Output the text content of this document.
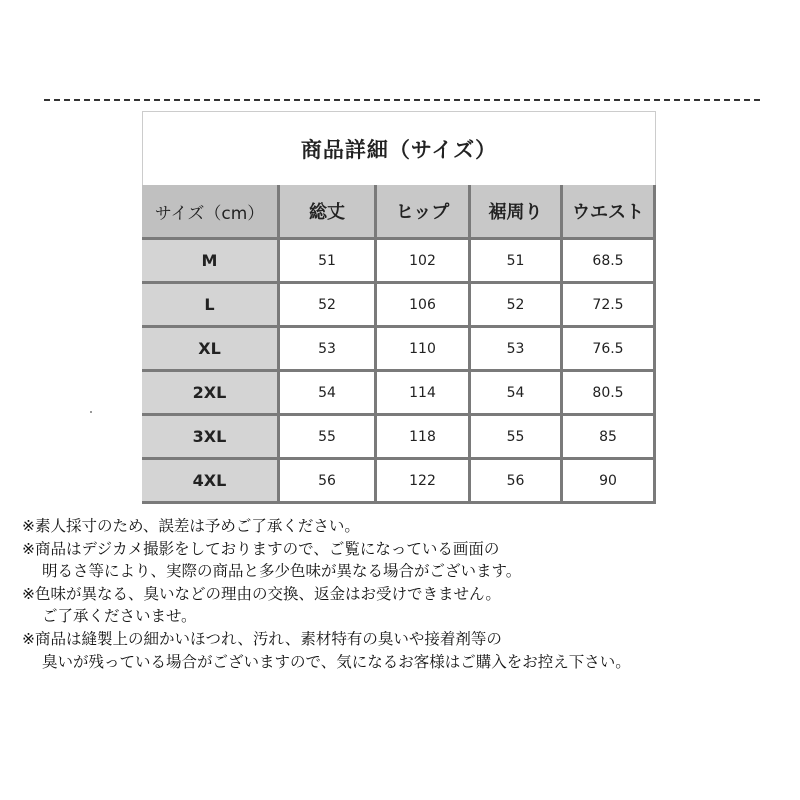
商品詳細（サイズ）
サイズ（cm）	総丈	ヒップ	裾周り	ウエスト
M	51	102	51	68.5
L	52	106	52	72.5
XL	53	110	53	76.5
2XL	54	114	54	80.5
3XL	55	118	55	85
4XL	56	122	56	90
※素人採寸のため、誤差は予めご了承ください。
※商品はデジカメ撮影をしておりますので、ご覧になっている画面の
明るさ等により、実際の商品と多少色味が異なる場合がございます。
※色味が異なる、臭いなどの理由の交換、返金はお受けできません。
ご了承くださいませ。
※商品は縫製上の細かいほつれ、汚れ、素材特有の臭いや接着剤等の
臭いが残っている場合がございますので、気になるお客様はご購入をお控え下さい。
